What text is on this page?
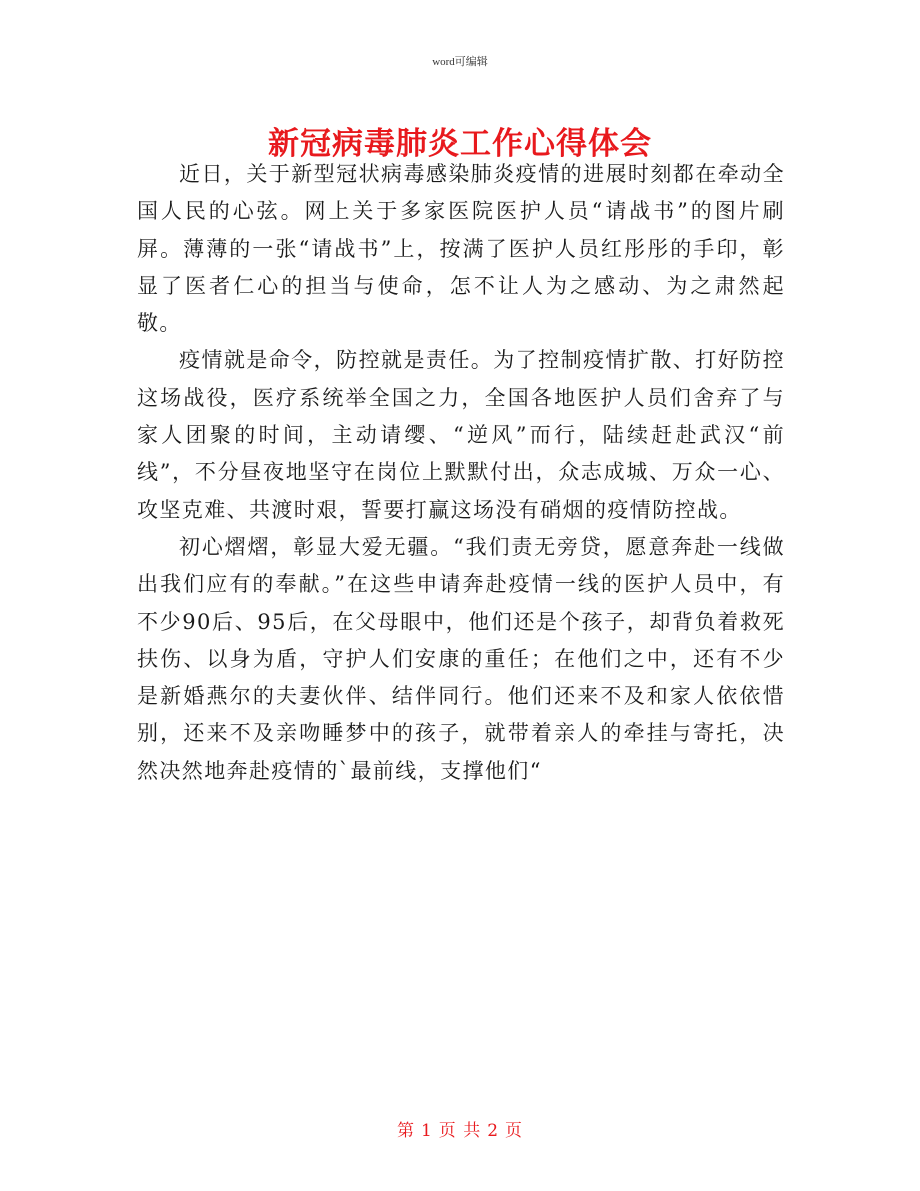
word可编辑
新冠病毒肺炎工作心得体会

近日，关于新型冠状病毒感染肺炎疫情的进展时刻都在牵动全国人民的心弦。网上关于多家医院医护人员“请战书”的图片刷屏。薄薄的一张“请战书”上，按满了医护人员红彤彤的手印，彰显了医者仁心的担当与使命，怎不让人为之感动、为之肃然起敬。

疫情就是命令，防控就是责任。为了控制疫情扩散、打好防控这场战役，医疗系统举全国之力，全国各地医护人员们舍弃了与家人团聚的时间，主动请缨、“逆风”而行，陆续赶赴武汉“前线”，不分昼夜地坚守在岗位上默默付出，众志成城、万众一心、攻坚克难、共渡时艰，誓要打赢这场没有硝烟的疫情防控战。

初心熠熠，彰显大爱无疆。“我们责无旁贷，愿意奔赴一线做出我们应有的奉献。”在这些申请奔赴疫情一线的医护人员中，有不少90后、95后，在父母眼中，他们还是个孩子，却背负着救死扶伤、以身为盾，守护人们安康的重任；在他们之中，还有不少是新婚燕尔的夫妻伙伴、结伴同行。他们还来不及和家人依依惜别，还来不及亲吻睡梦中的孩子，就带着亲人的牵挂与寄托，决然决然地奔赴疫情的`最前线，支撑他们“

第 1 页 共 2 页
